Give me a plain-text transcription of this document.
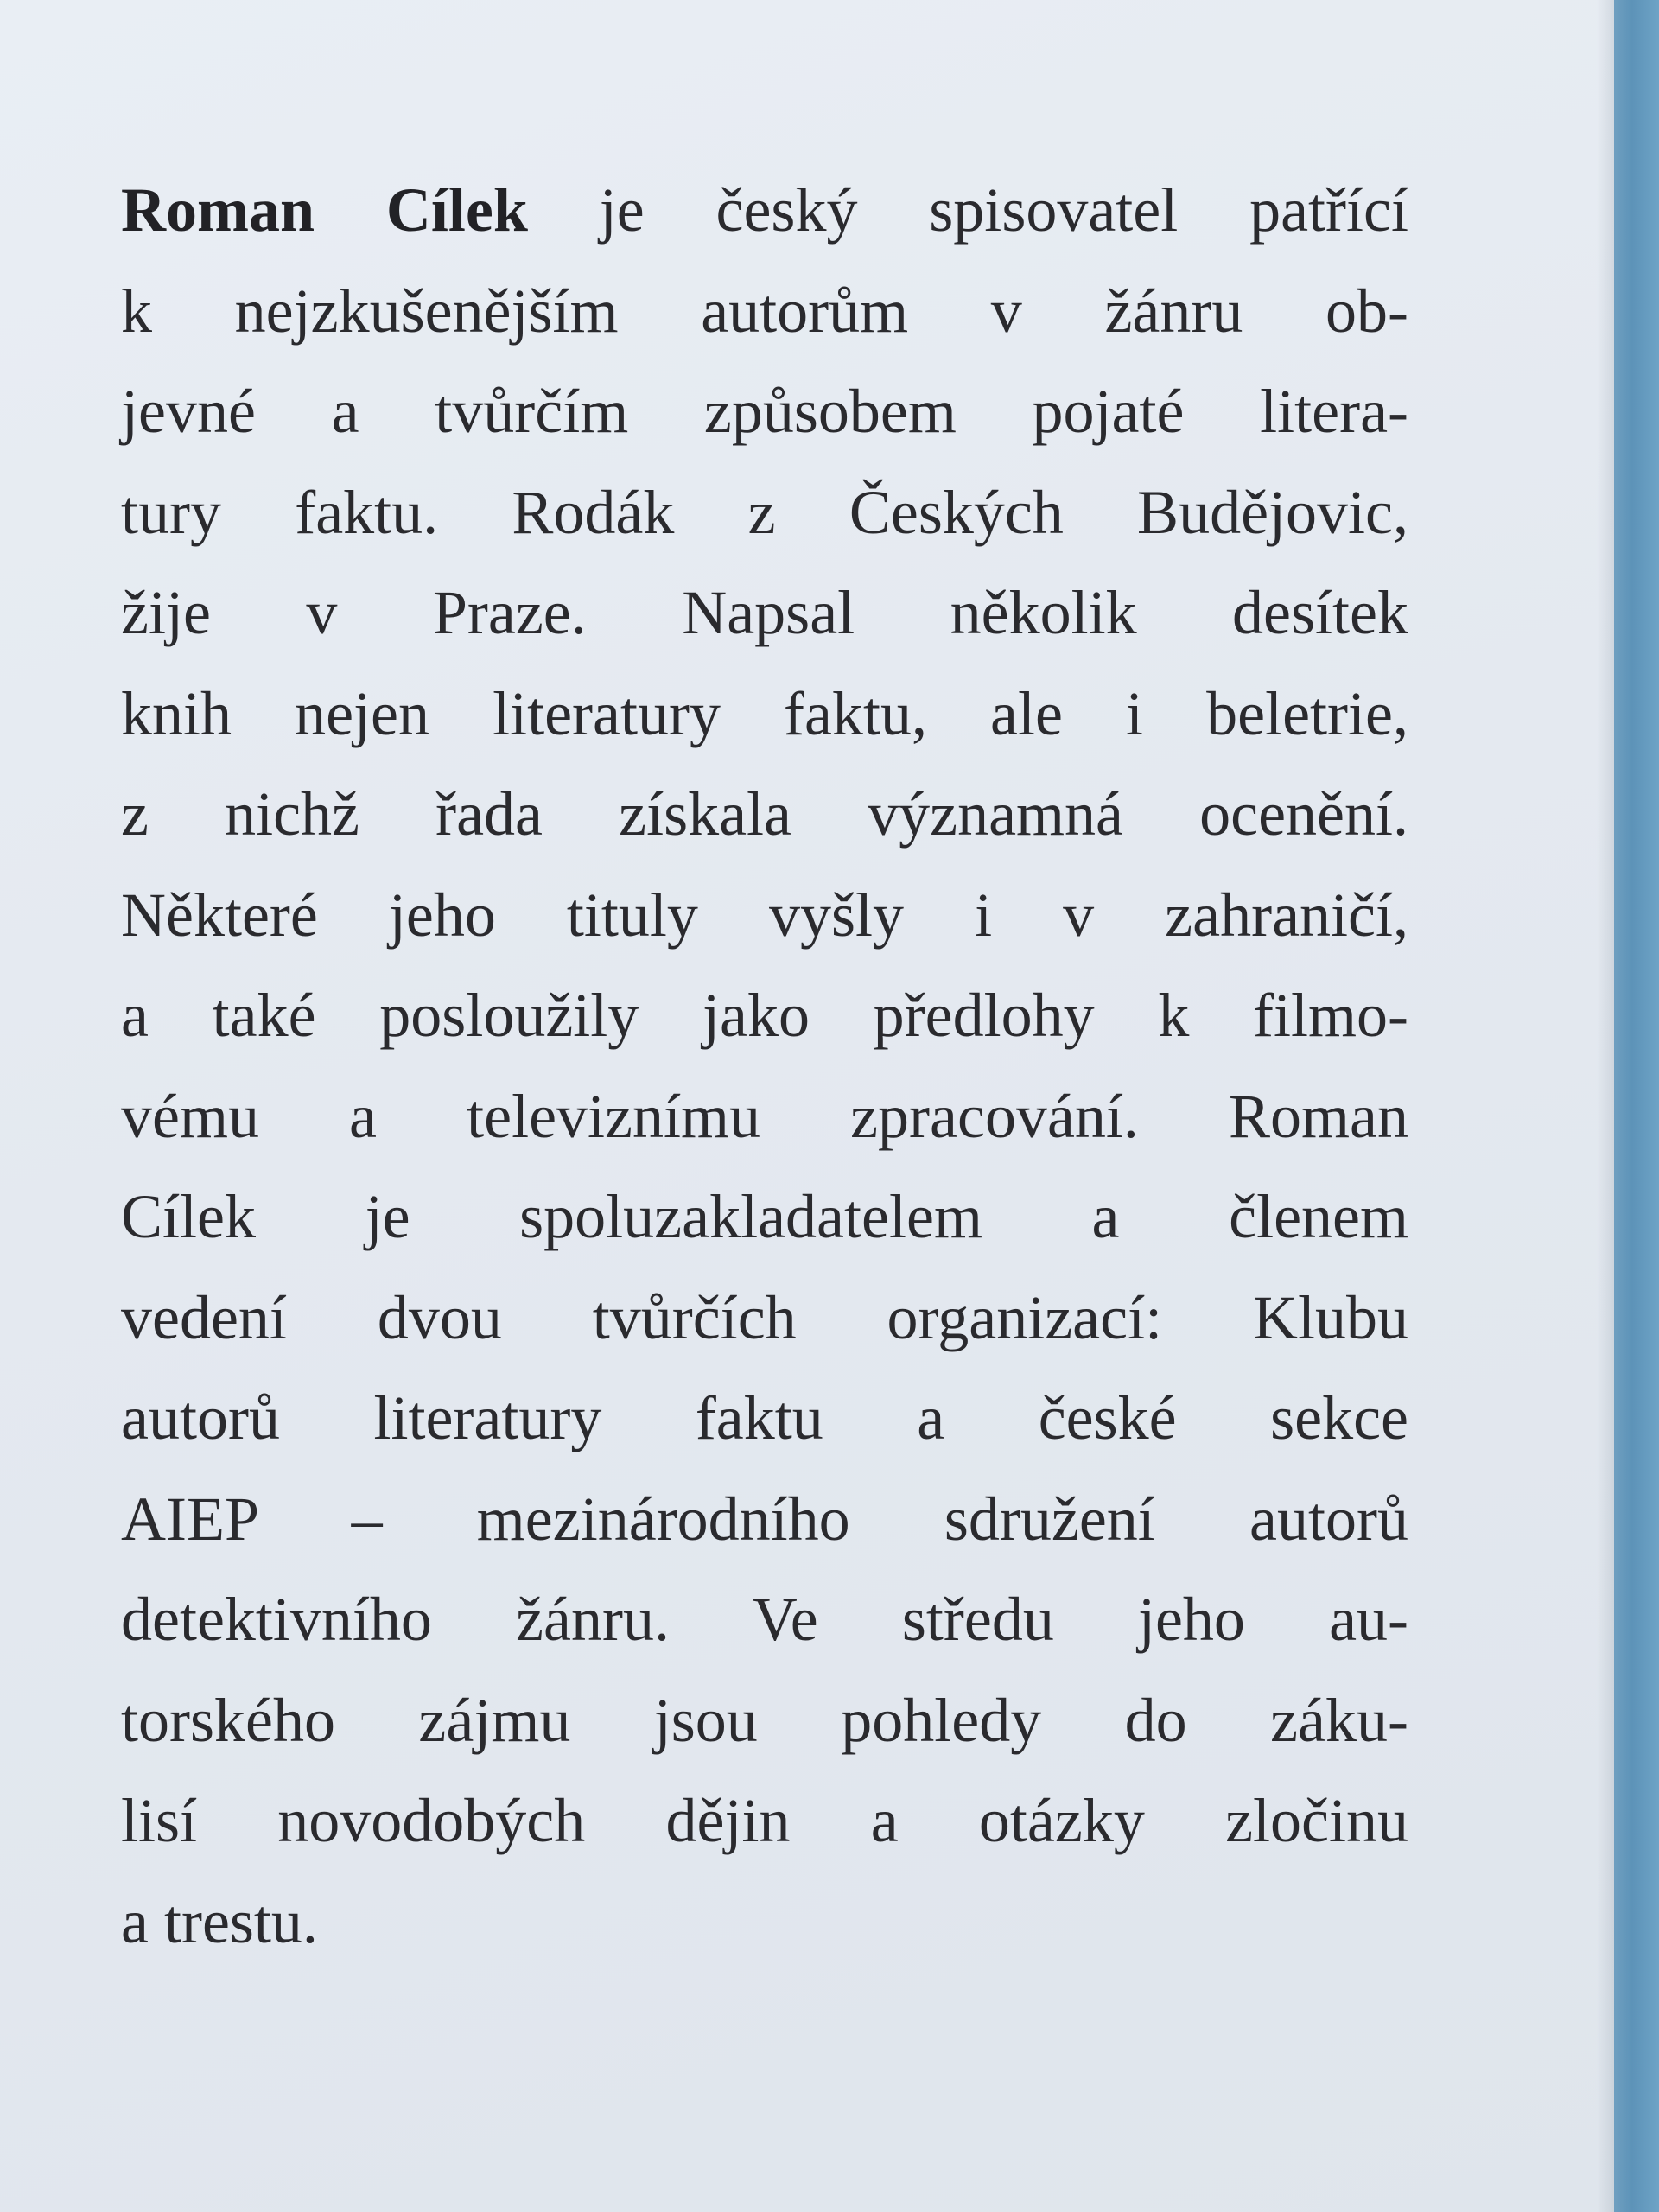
Roman Cílek je český spisovatel patřící
k nejzkušenějším autorům v žánru ob-
jevné a tvůrčím způsobem pojaté litera-
tury faktu. Rodák z Českých Budějovic,
žije v Praze. Napsal několik desítek
knih nejen literatury faktu, ale i beletrie,
z nichž řada získala významná ocenění.
Některé jeho tituly vyšly i v zahraničí,
a také posloužily jako předlohy k filmo-
vému a televiznímu zpracování. Roman
Cílek je spoluzakladatelem a členem
vedení dvou tvůrčích organizací: Klubu
autorů literatury faktu a české sekce
AIEP – mezinárodního sdružení autorů
detektivního žánru. Ve středu jeho au-
torského zájmu jsou pohledy do záku-
lisí novodobých dějin a otázky zločinu
a trestu.
